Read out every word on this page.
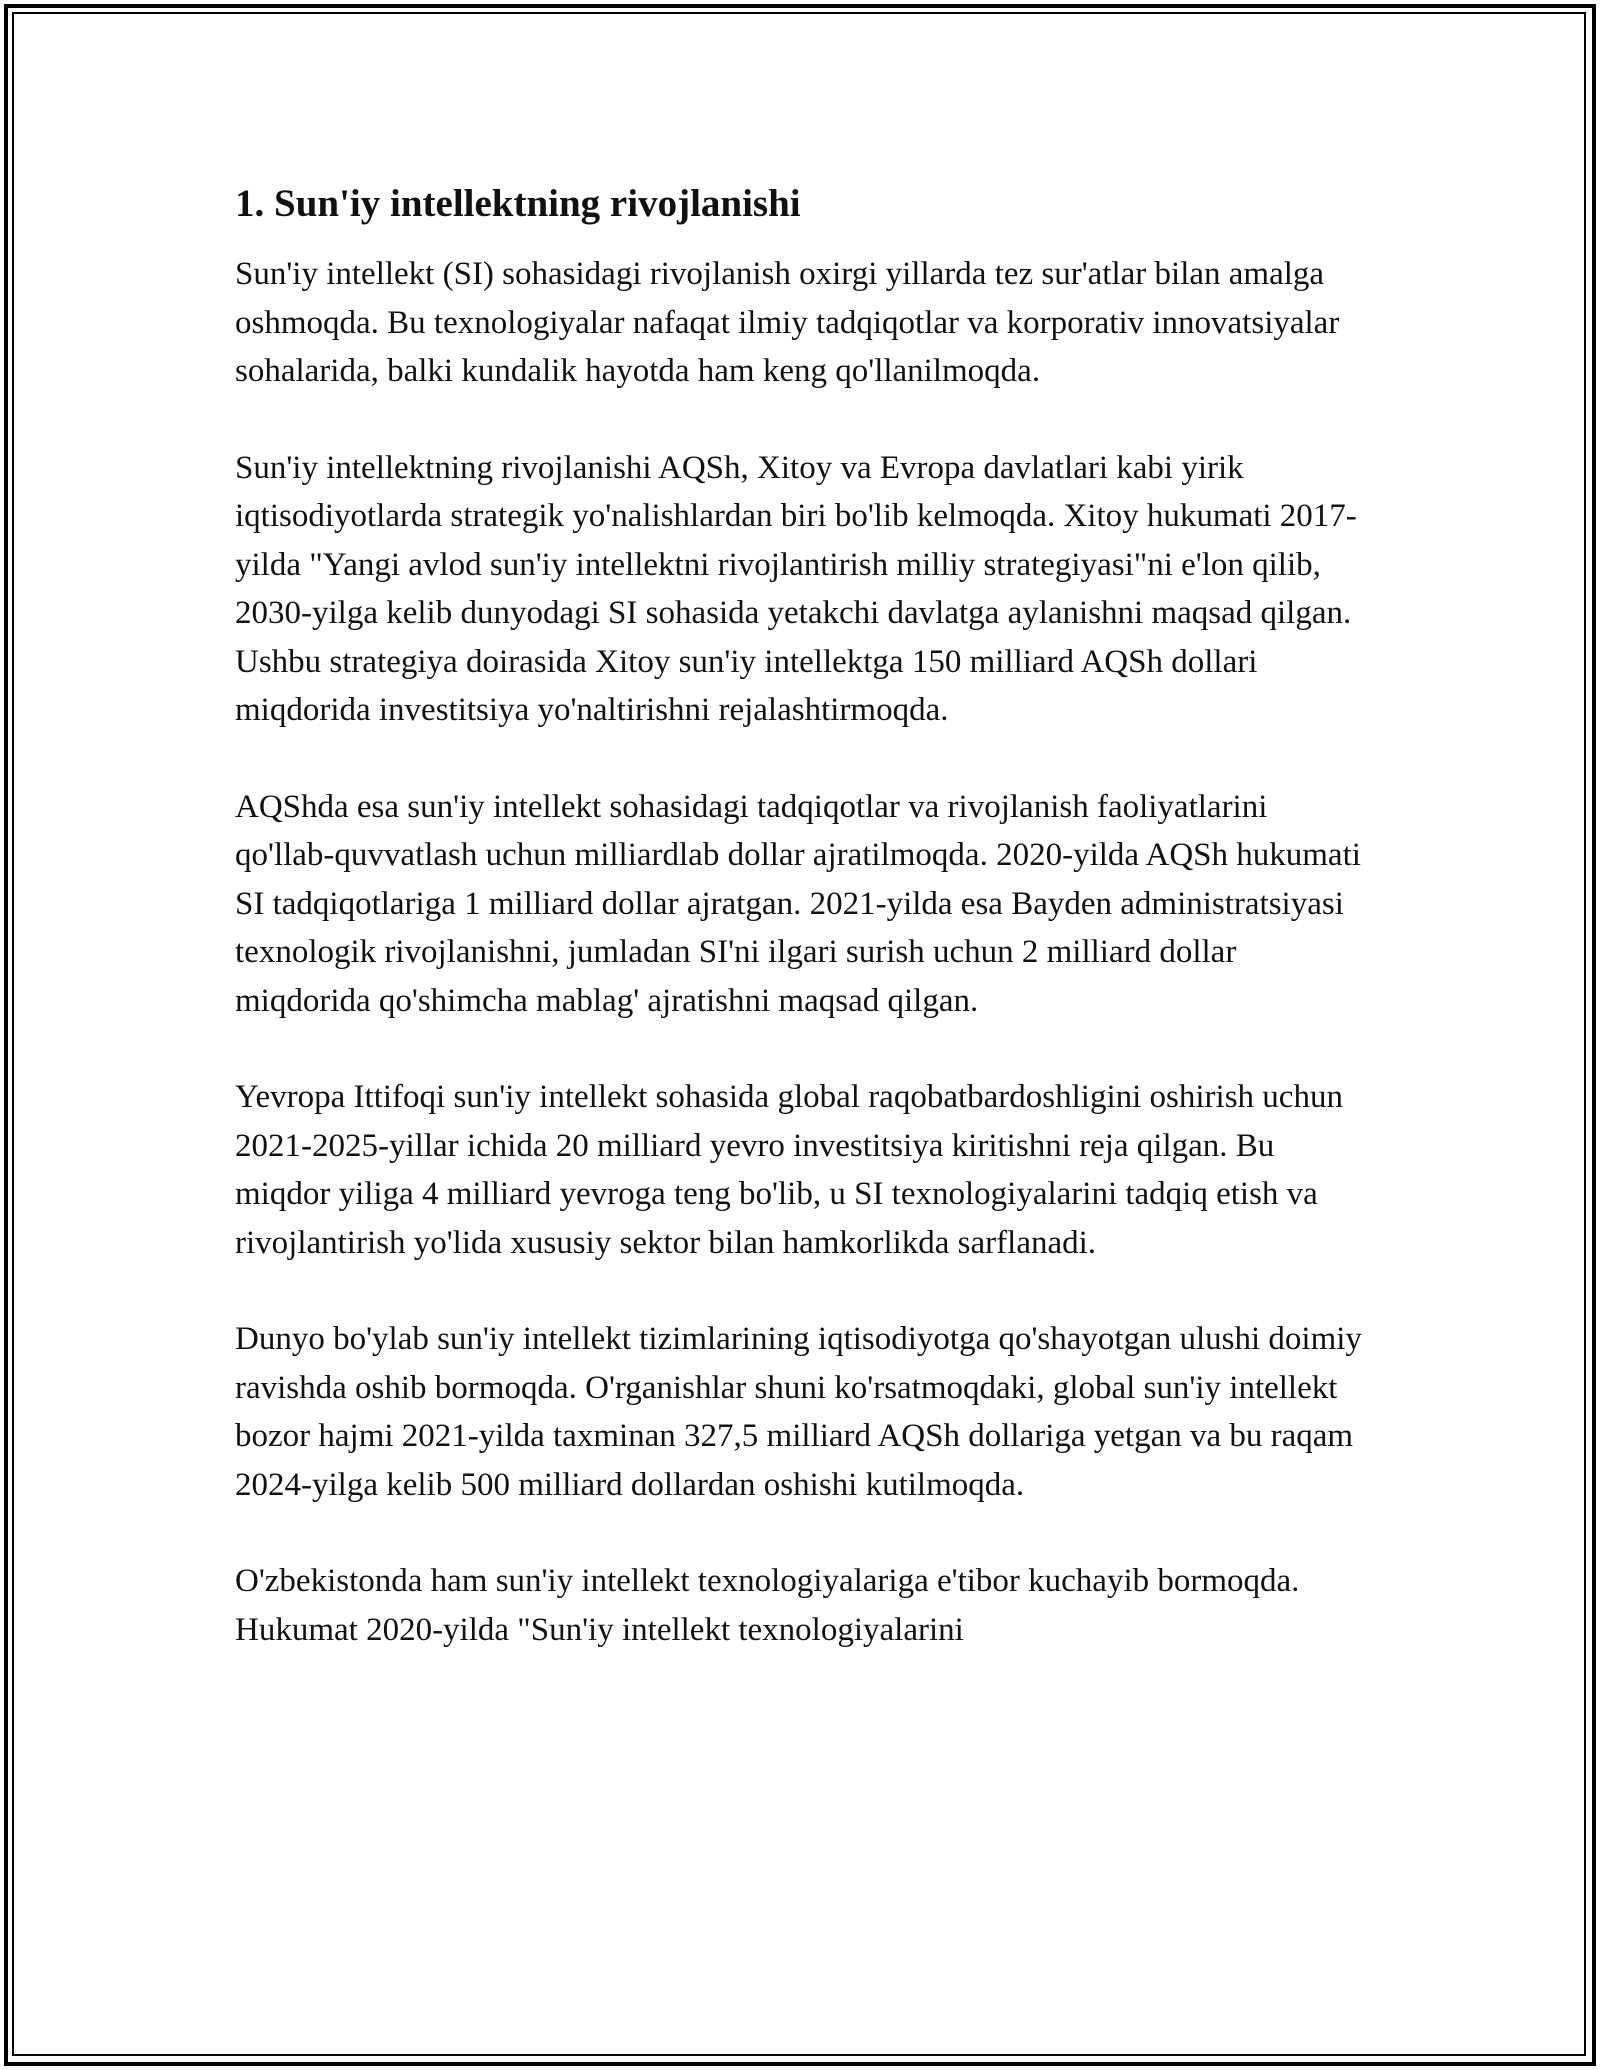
1. Sun'iy intellektning rivojlanishi

Sun'iy intellekt (SI) sohasidagi rivojlanish oxirgi yillarda tez sur'atlar bilan amalga oshmoqda. Bu texnologiyalar nafaqat ilmiy tadqiqotlar va korporativ innovatsiyalar sohalarida, balki kundalik hayotda ham keng qo'llanilmoqda.

Sun'iy intellektning rivojlanishi AQSh, Xitoy va Evropa davlatlari kabi yirik iqtisodiyotlarda strategik yo'nalishlardan biri bo'lib kelmoqda. Xitoy hukumati 2017-yilda "Yangi avlod sun'iy intellektni rivojlantirish milliy strategiyasi"ni e'lon qilib, 2030-yilga kelib dunyodagi SI sohasida yetakchi davlatga aylanishni maqsad qilgan. Ushbu strategiya doirasida Xitoy sun'iy intellektga 150 milliard AQSh dollari miqdorida investitsiya yo'naltirishni rejalashtirmoqda.

AQShda esa sun'iy intellekt sohasidagi tadqiqotlar va rivojlanish faoliyatlarini qo'llab-quvvatlash uchun milliardlab dollar ajratilmoqda. 2020-yilda AQSh hukumati SI tadqiqotlariga 1 milliard dollar ajratgan. 2021-yilda esa Bayden administratsiyasi texnologik rivojlanishni, jumladan SI'ni ilgari surish uchun 2 milliard dollar miqdorida qo'shimcha mablag' ajratishni maqsad qilgan.

Yevropa Ittifoqi sun'iy intellekt sohasida global raqobatbardoshligini oshirish uchun 2021-2025-yillar ichida 20 milliard yevro investitsiya kiritishni reja qilgan. Bu miqdor yiliga 4 milliard yevroga teng bo'lib, u SI texnologiyalarini tadqiq etish va rivojlantirish yo'lida xususiy sektor bilan hamkorlikda sarflanadi.

Dunyo bo'ylab sun'iy intellekt tizimlarining iqtisodiyotga qo'shayotgan ulushi doimiy ravishda oshib bormoqda. O'rganishlar shuni ko'rsatmoqdaki, global sun'iy intellekt bozor hajmi 2021-yilda taxminan 327,5 milliard AQSh dollariga yetgan va bu raqam 2024-yilga kelib 500 milliard dollardan oshishi kutilmoqda.

O'zbekistonda ham sun'iy intellekt texnologiyalariga e'tibor kuchayib bormoqda. Hukumat 2020-yilda "Sun'iy intellekt texnologiyalarini
